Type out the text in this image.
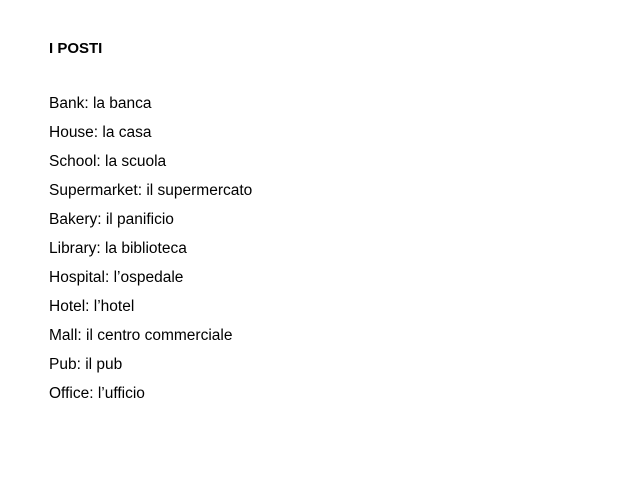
I POSTI
Bank: la banca
House: la casa
School: la scuola
Supermarket: il supermercato
Bakery: il panificio
Library: la biblioteca
Hospital: l’ospedale
Hotel: l’hotel
Mall: il centro commerciale
Pub: il pub
Office: l’ufficio
